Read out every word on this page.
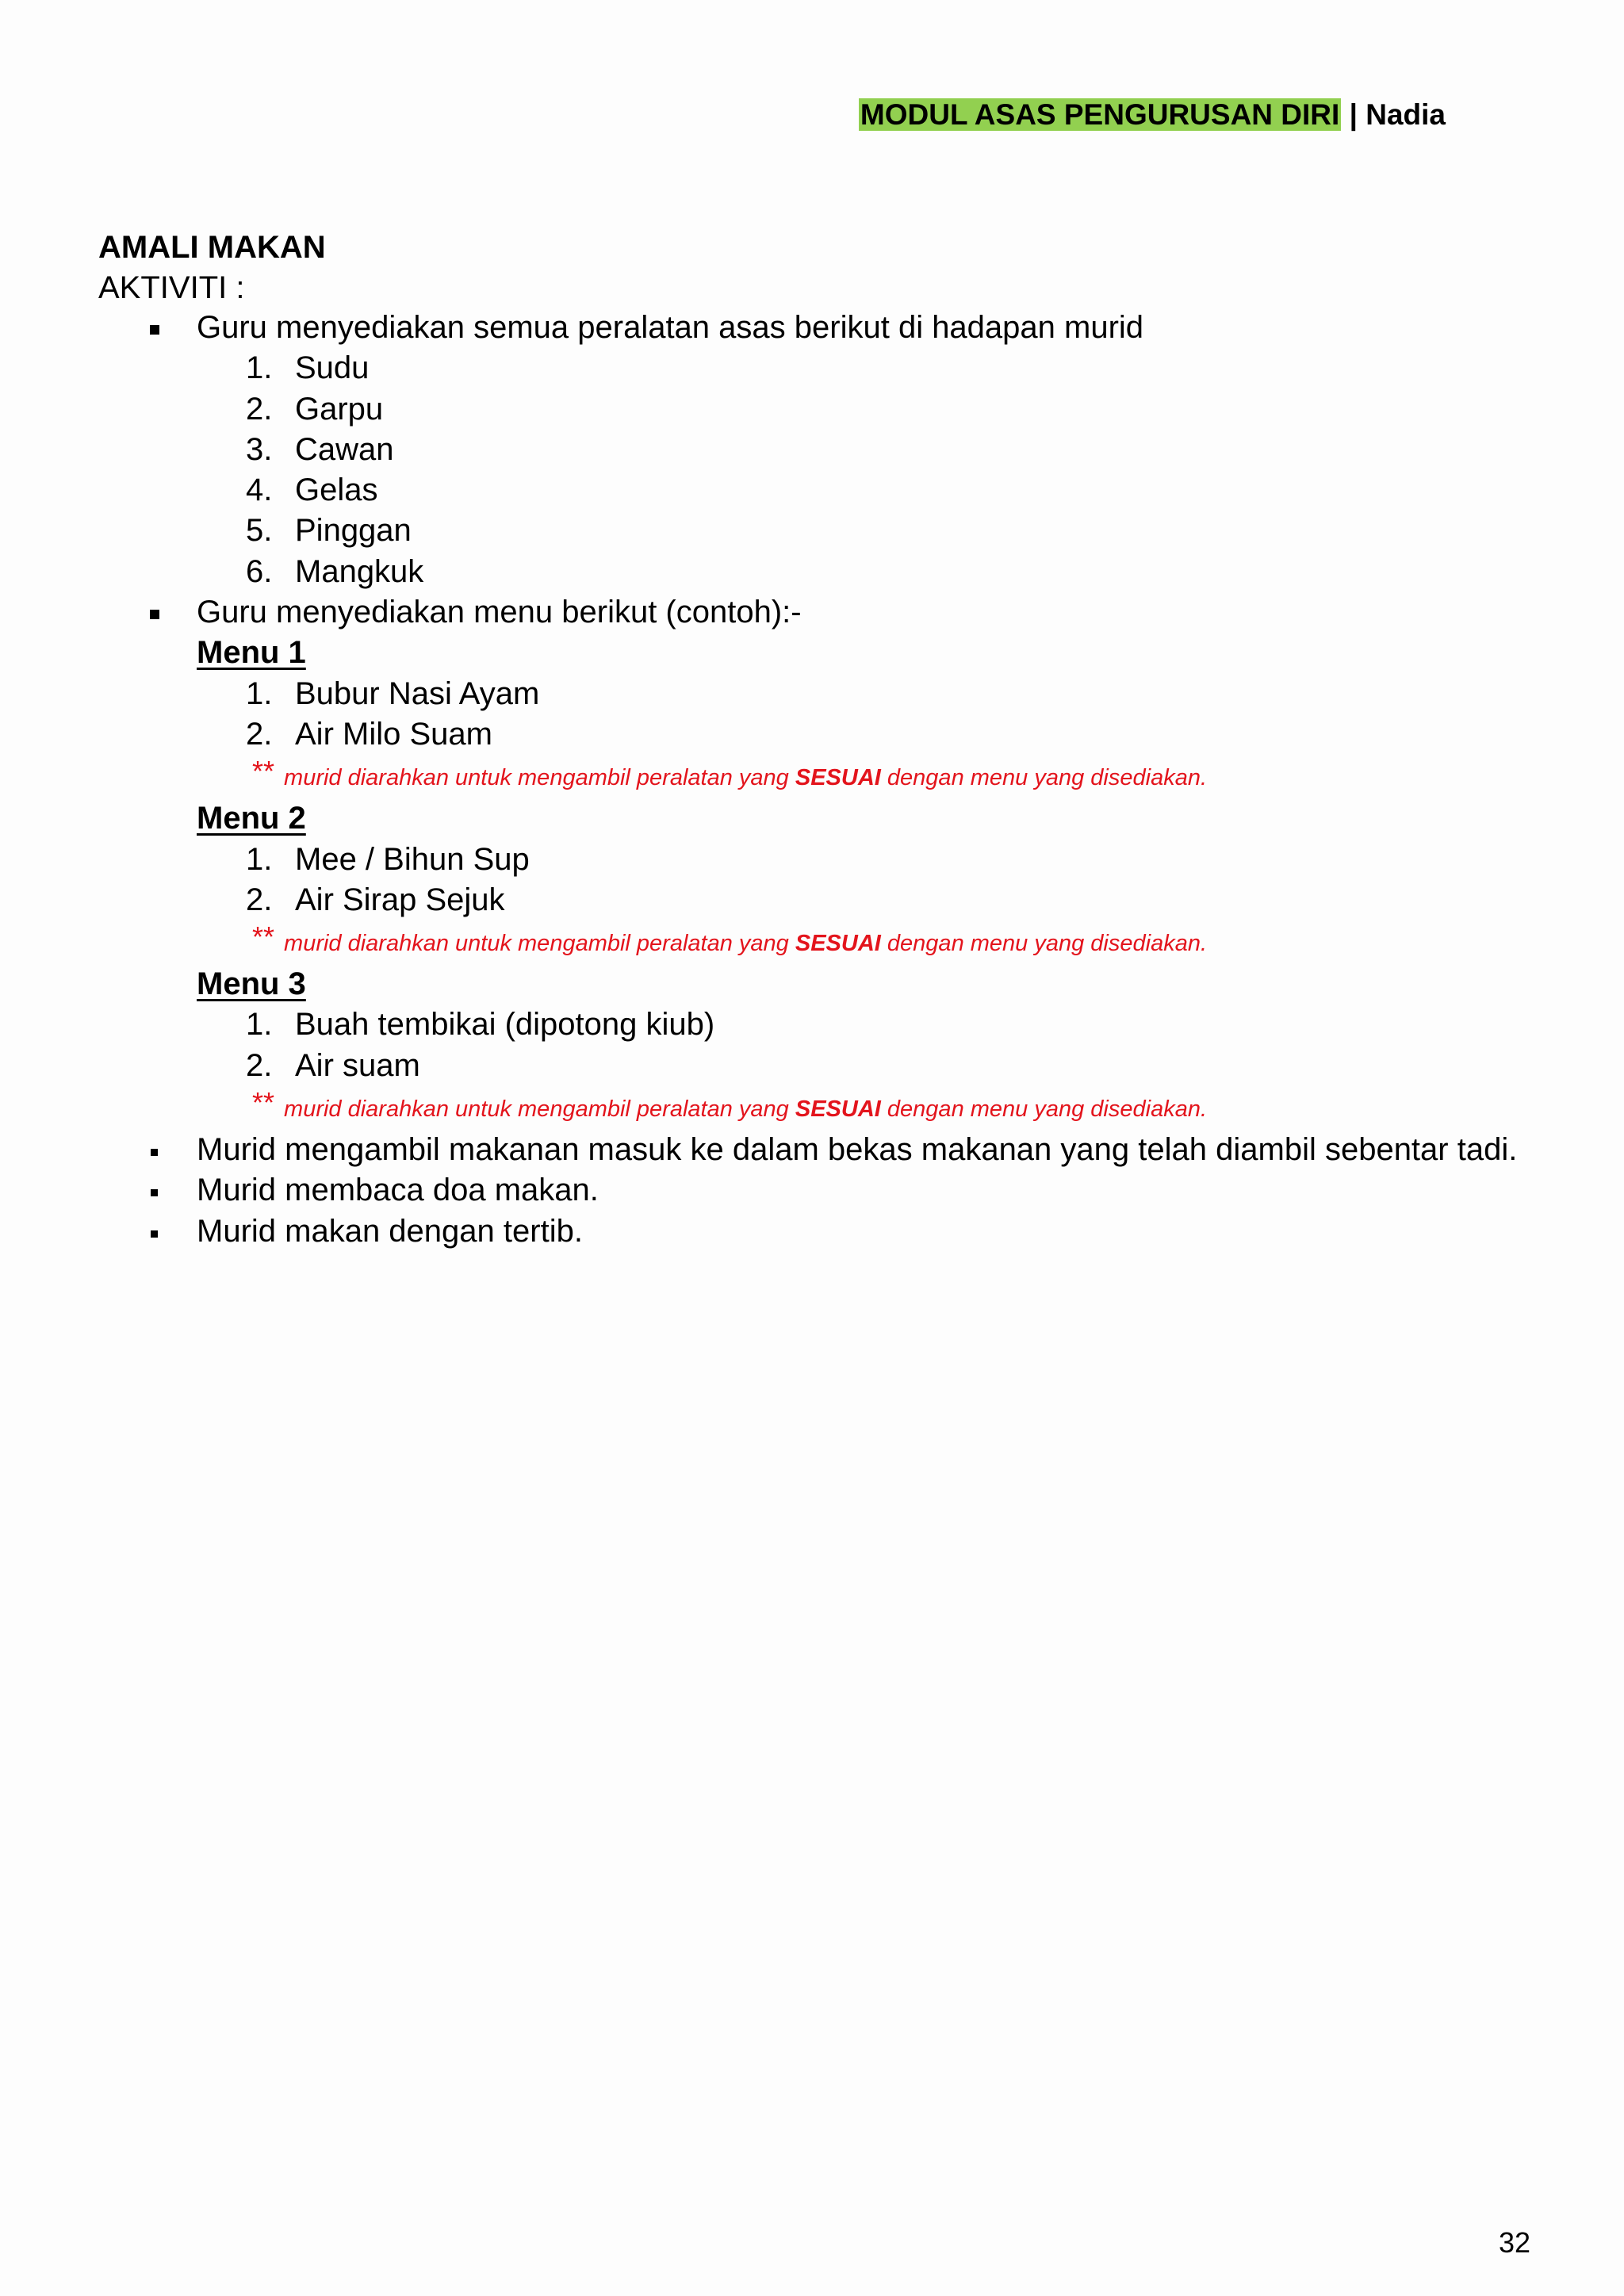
MODUL ASAS PENGURUSAN DIRI | Nadia
AMALI MAKAN
AKTIVITI :
Guru menyediakan semua peralatan asas berikut di hadapan murid
1. Sudu
2. Garpu
3. Cawan
4. Gelas
5. Pinggan
6. Mangkuk
Guru menyediakan menu berikut (contoh):-
Menu 1
1. Bubur Nasi Ayam
2. Air Milo Suam
** murid diarahkan untuk mengambil peralatan yang SESUAI dengan menu yang disediakan.
Menu 2
1. Mee / Bihun Sup
2. Air Sirap Sejuk
** murid diarahkan untuk mengambil peralatan yang SESUAI dengan menu yang disediakan.
Menu 3
1. Buah tembikai (dipotong kiub)
2. Air suam
** murid diarahkan untuk mengambil peralatan yang SESUAI dengan menu yang disediakan.
Murid mengambil makanan masuk ke dalam bekas makanan yang telah diambil sebentar tadi.
Murid membaca doa makan.
Murid makan dengan tertib.
32
